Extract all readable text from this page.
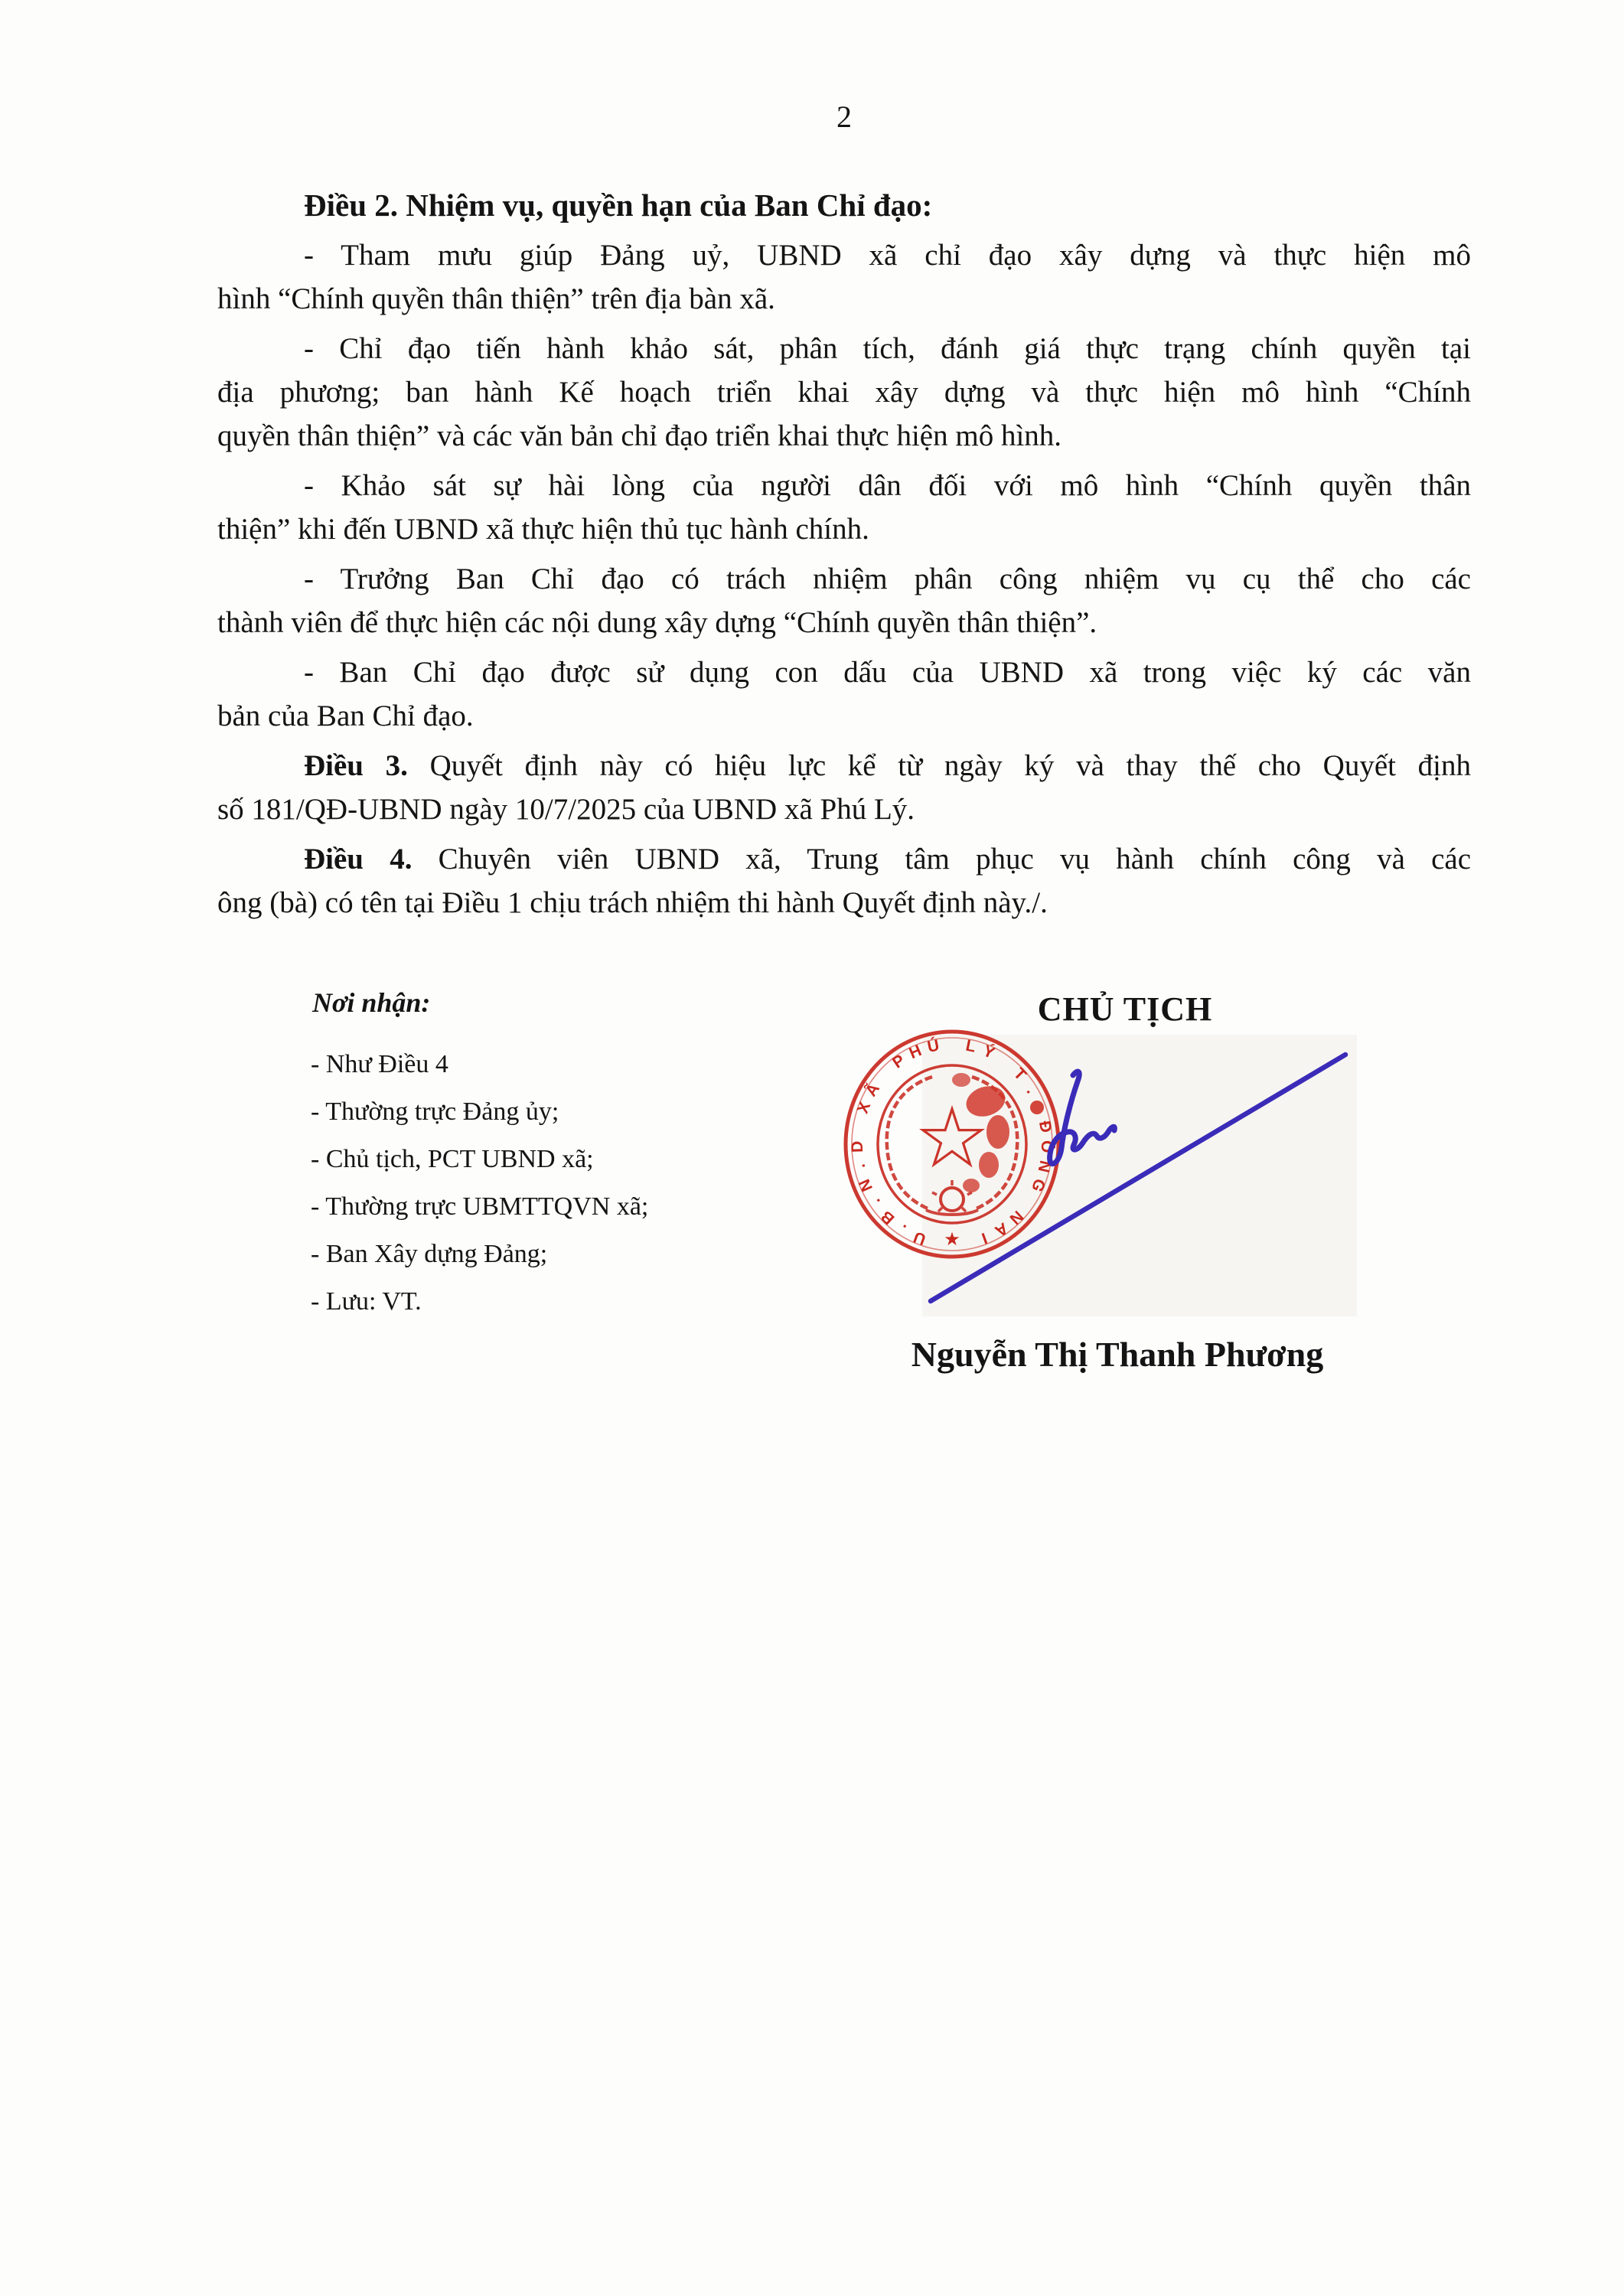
2
Điều 2. Nhiệm vụ, quyền hạn của Ban Chỉ đạo:
- Tham mưu giúp Đảng uỷ, UBND xã chỉ đạo xây dựng và thực hiện mô
hình “Chính quyền thân thiện” trên địa bàn xã.
- Chỉ đạo tiến hành khảo sát, phân tích, đánh giá thực trạng chính quyền tại
địa phương; ban hành Kế hoạch triển khai xây dựng và thực hiện mô hình “Chính
quyền thân thiện” và các văn bản chỉ đạo triển khai thực hiện mô hình.
- Khảo sát sự hài lòng của người dân đối với mô hình “Chính quyền thân
thiện” khi đến UBND xã thực hiện thủ tục hành chính.
- Trưởng Ban Chỉ đạo có trách nhiệm phân công nhiệm vụ cụ thể cho các
thành viên để thực hiện các nội dung xây dựng “Chính quyền thân thiện”.
- Ban Chỉ đạo được sử dụng con dấu của UBND xã trong việc ký các văn
bản của Ban Chỉ đạo.
Điều 3. Quyết định này có hiệu lực kể từ ngày ký và thay thế cho Quyết định
số 181/QĐ-UBND ngày 10/7/2025 của UBND xã Phú Lý.
Điều 4. Chuyên viên UBND xã, Trung tâm phục vụ hành chính công và các
ông (bà) có tên tại Điều 1 chịu trách nhiệm thi hành Quyết định này./.
Nơi nhận:
- Như Điều 4
- Thường trực Đảng ủy;
- Chủ tịch, PCT UBND xã;
- Thường trực UBMTTQVN xã;
- Ban Xây dựng Đảng;
- Lưu: VT.
CHỦ TỊCH
U
.
B
.
N
.
D
X
Ã
P
H Ú L Ý
T
.
Đ
Ồ
N
G
N
A
I
★
Nguyễn Thị Thanh Phương
